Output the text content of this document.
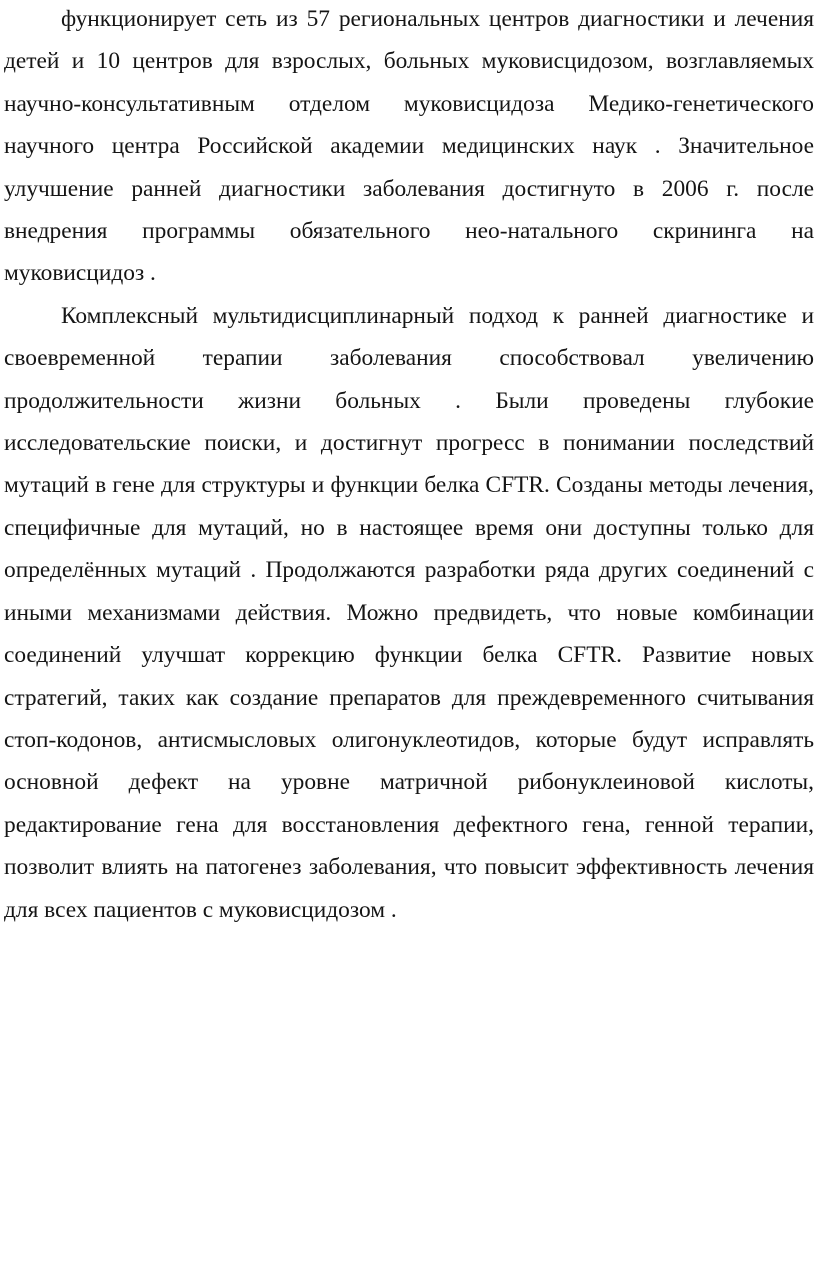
функционирует сеть из 57 региональных центров диагностики и лечения детей и 10 центров для взрослых, больных муковисцидозом, возглавляемых научно-консультативным отделом муковисцидоза Медико-генетического научного центра Российской академии медицинских наук . Значительное улучшение ранней диагностики заболевания достигнуто в 2006 г. после внедрения программы обязательного нео-натального скрининга на муковисцидоз .

Комплексный мультидисциплинарный подход к ранней диагностике и своевременной терапии заболевания способствовал увеличению продолжительности жизни больных . Были проведены глубокие исследовательские поиски, и достигнут прогресс в понимании последствий мутаций в гене для структуры и функции белка CFTR. Созданы методы лечения, специфичные для мутаций, но в настоящее время они доступны только для определённых мутаций . Продолжаются разработки ряда других соединений с иными механизмами действия. Можно предвидеть, что новые комбинации соединений улучшат коррекцию функции белка CFTR. Развитие новых стратегий, таких как создание препаратов для преждевременного считывания стоп-кодонов, антисмысловых олигонуклеотидов, которые будут исправлять основной дефект на уровне матричной рибонуклеиновой кислоты, редактирование гена для восстановления дефектного гена, генной терапии, позволит влиять на патогенез заболевания, что повысит эффективность лечения для всех пациентов с муковисцидозом .
